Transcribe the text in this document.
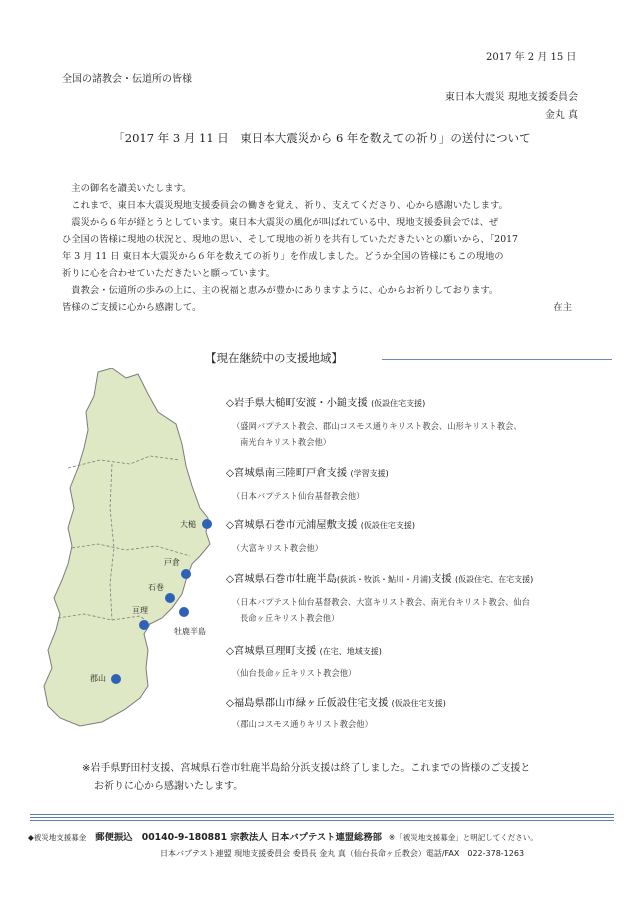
2017 年 2 月 15 日
全国の諸教会・伝道所の皆様
東日本大震災 現地支援委員会
金丸 真
「2017 年 3 月 11 日　東日本大震災から 6 年を数えての祈り」の送付について

主の御名を讃美いたします。

これまで、東日本大震災現地支援委員会の働きを覚え、祈り、支えてくださり、心から感謝いたします。

震災から６年が経とうとしています。東日本大震災の風化が叫ばれている中、現地支援委員会では、ぜ

ひ全国の皆様に現地の状況と、現地の思い、そして現地の祈りを共有していただきたいとの願いから、「2017

年 3 月 11 日 東日本大震災から６年を数えての祈り」を作成しました。どうか全国の皆様にもこの現地の

祈りに心を合わせていただきたいと願っています。

貴教会・伝道所の歩みの上に、主の祝福と恵みが豊かにありますように、心からお祈りしております。

皆様のご支援に心から感謝して。	在主
【現在継続中の支援地域】
大槌
戸倉
石巻
牡鹿半島
亘理
郡山
◇岩手県大槌町安渡・小鎚支援 (仮設住宅支援)
（盛岡バプテスト教会、郡山コスモス通りキリスト教会、山形キリスト教会、
南光台キリスト教会他）
◇宮城県南三陸町戸倉支援 (学習支援)
（日本バプテスト仙台基督教会他）
◇宮城県石巻市元浦屋敷支援 (仮設住宅支援)
（大富キリスト教会他）
◇宮城県石巻市牡鹿半島(荻浜・牧浜・鮎川・月浦)支援 (仮設住宅、在宅支援)
（日本バプテスト仙台基督教会、大富キリスト教会、南光台キリスト教会、仙台
長命ヶ丘キリスト教会他）
◇宮城県亘理町支援 (在宅、地域支援)
（仙台長命ヶ丘キリスト教会他）
◇福島県郡山市緑ヶ丘仮設住宅支援 (仮設住宅支援)
（郡山コスモス通りキリスト教会他）
※岩手県野田村支援、宮城県石巻市牡鹿半島給分浜支援は終了しました。これまでの皆様のご支援と
お祈りに心から感謝いたします。
◆被災地支援募金 郵便振込　00140-9-180881 宗教法人 日本バプテスト連盟総務部 ※「被災地支援募金」と明記してください。
日本バプテスト連盟 現地支援委員会 委員長 金丸 真（仙台長命ヶ丘教会）電話/FAX　022-378-1263
